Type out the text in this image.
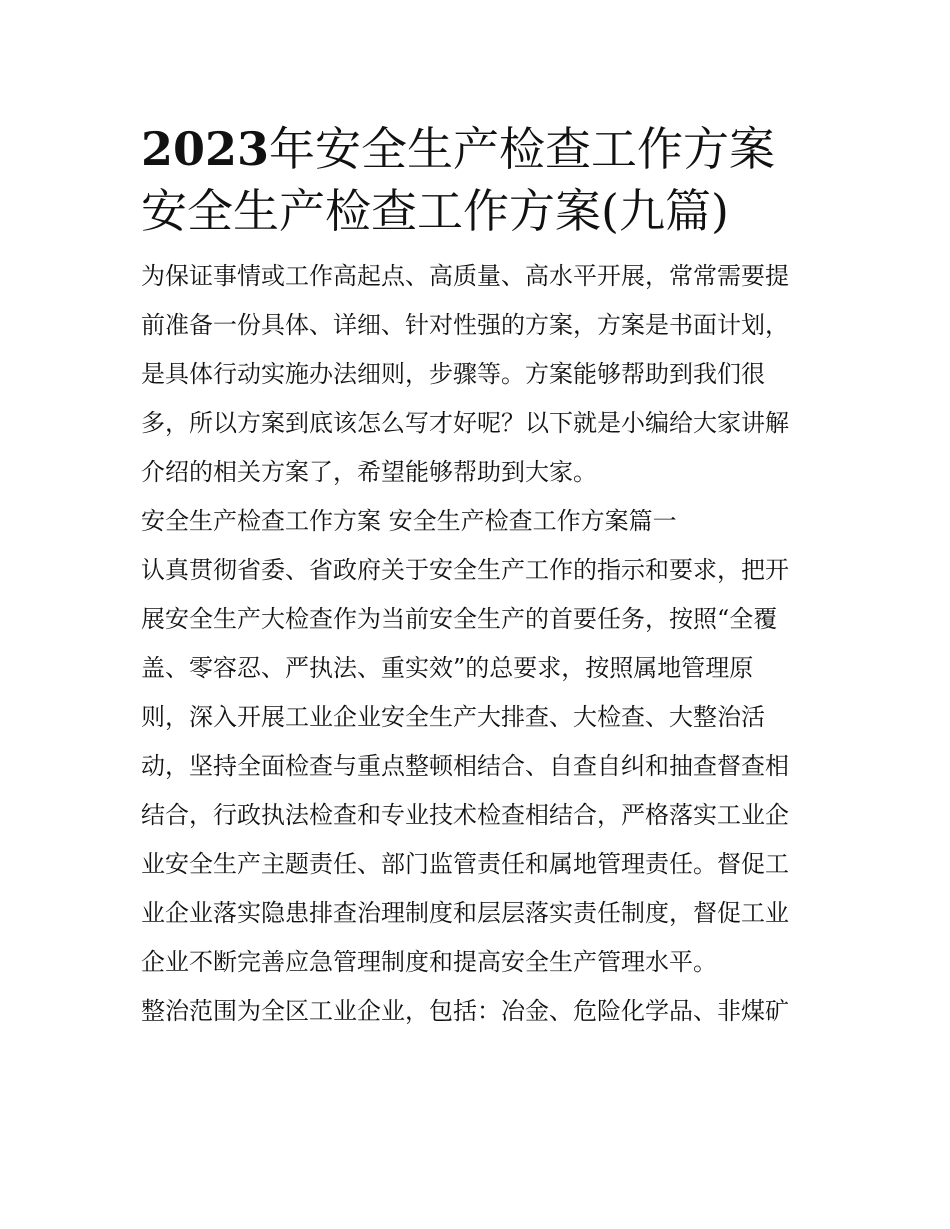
2023年安全生产检查工作方案
安全生产检查工作方案(九篇)

为保证事情或工作高起点、高质量、高水平开展，常常需要提
前准备一份具体、详细、针对性强的方案，方案是书面计划，
是具体行动实施办法细则，步骤等。方案能够帮助到我们很
多，所以方案到底该怎么写才好呢？以下就是小编给大家讲解
介绍的相关方案了，希望能够帮助到大家。

安全生产检查工作方案 安全生产检查工作方案篇一

认真贯彻省委、省政府关于安全生产工作的指示和要求，把开
展安全生产大检查作为当前安全生产的首要任务，按照“全覆
盖、零容忍、严执法、重实效”的总要求，按照属地管理原
则，深入开展工业企业安全生产大排查、大检查、大整治活
动，坚持全面检查与重点整顿相结合、自查自纠和抽查督查相
结合，行政执法检查和专业技术检查相结合，严格落实工业企
业安全生产主题责任、部门监管责任和属地管理责任。督促工
业企业落实隐患排查治理制度和层层落实责任制度，督促工业
企业不断完善应急管理制度和提高安全生产管理水平。

整治范围为全区工业企业，包括：冶金、危险化学品、非煤矿
